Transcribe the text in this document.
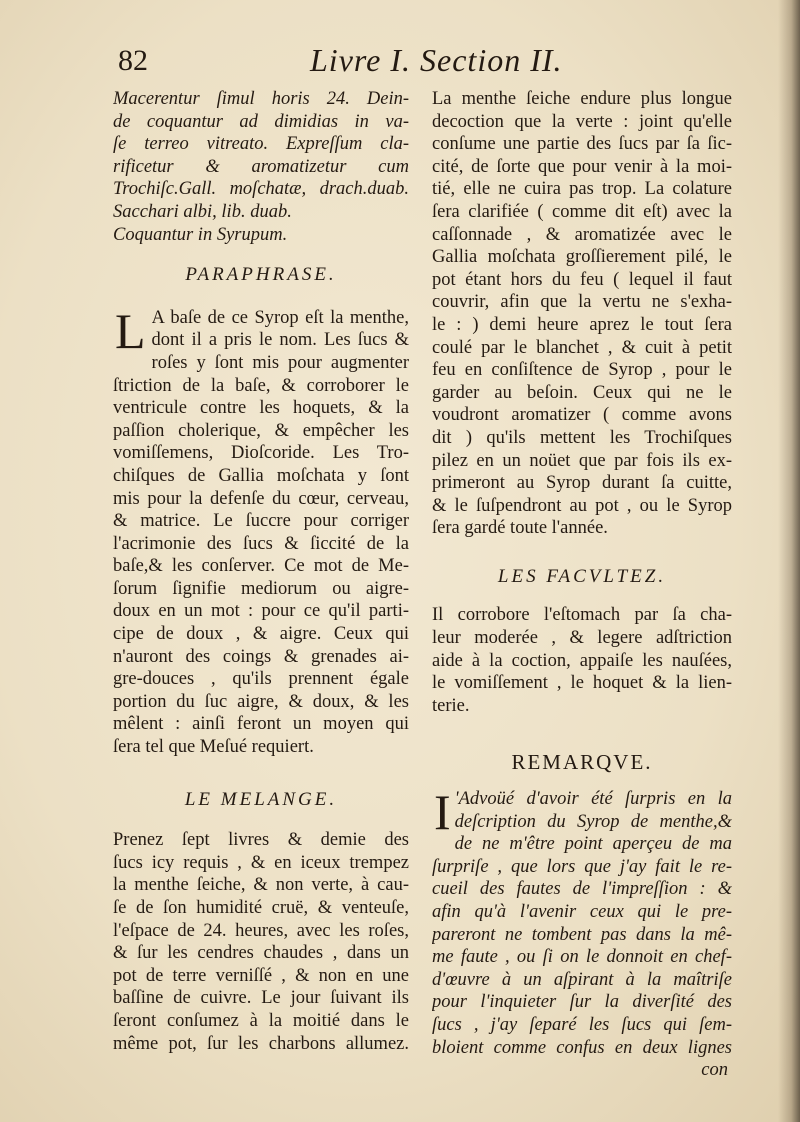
82	Livre I. Section II.
Macerentur ſimul horis 24. Dein-
de coquantur ad dimidias in va-
ſe terreo vitreato. Expreſſum cla-
rificetur & aromatizetur cum
Trochiſc.Gall. moſchatæ, drach.duab.
Sacchari albi, lib. duab.
Coquantur in Syrupum.
PARAPHRASE.
L A baſe de ce Syrop eſt la menthe,
dont il a pris le nom. Les ſucs &
roſes y ſont mis pour augmenter
ſtriction de la baſe, & corroborer le
ventricule contre les hoquets, & la
paſſion cholerique, & empêcher les
vomiſſemens, Dioſcoride. Les Tro-
chiſques de Gallia moſchata y ſont
mis pour la defenſe du cœur, cerveau,
& matrice. Le ſuccre pour corriger
l'acrimonie des ſucs & ſiccité de la
baſe,& les conſerver. Ce mot de Me-
ſorum ſignifie mediorum ou aigre-
doux en un mot : pour ce qu'il parti-
cipe de doux , & aigre. Ceux qui
n'auront des coings & grenades ai-
gre-douces , qu'ils prennent égale
portion du ſuc aigre, & doux, & les
mêlent : ainſi feront un moyen qui
ſera tel que Meſué requiert.
LE MELANGE.
Prenez ſept livres & demie des
ſucs icy requis , & en iceux trempez
la menthe ſeiche, & non verte, à cau-
ſe de ſon humidité cruë, & venteuſe,
l'eſpace de 24. heures, avec les roſes,
& ſur les cendres chaudes , dans un
pot de terre verniſſé , & non en une
baſſine de cuivre. Le jour ſuivant ils
ſeront conſumez à la moitié dans le
même pot, ſur les charbons allumez.
La menthe ſeiche endure plus longue
decoction que la verte : joint qu'elle
conſume une partie des ſucs par ſa ſic-
cité, de ſorte que pour venir à la moi-
tié, elle ne cuira pas trop. La colature
ſera clarifiée ( comme dit eſt) avec la
caſſonnade , & aromatizée avec le
Gallia moſchata groſſierement pilé, le
pot étant hors du feu ( lequel il faut
couvrir, afin que la vertu ne s'exha-
le : ) demi heure aprez le tout ſera
coulé par le blanchet , & cuit à petit
feu en conſiſtence de Syrop , pour le
garder au beſoin. Ceux qui ne le
voudront aromatizer ( comme avons
dit ) qu'ils mettent les Trochiſques
pilez en un noüet que par fois ils ex-
primeront au Syrop durant ſa cuitte,
& le ſuſpendront au pot , ou le Syrop
ſera gardé toute l'année.
LES FACVLTEZ.
Il corrobore l'eſtomach par ſa cha-
leur moderée , & legere adſtriction
aide à la coction, appaiſe les nauſées,
le vomiſſement , le hoquet & la lien-
terie.
REMARQVE.
I 'Advoüé d'avoir été ſurpris en la
deſcription du Syrop de menthe,&
de ne m'être point aperçeu de ma
ſurpriſe , que lors que j'ay fait le re-
cueil des fautes de l'impreſſion : &
afin qu'à l'avenir ceux qui le pre-
pareront ne tombent pas dans la mê-
me faute , ou ſi on le donnoit en chef-
d'œuvre à un aſpirant à la maîtriſe
pour l'inquieter ſur la diverſité des
ſucs , j'ay ſeparé les ſucs qui ſem-
bloient comme confus en deux lignes
con
